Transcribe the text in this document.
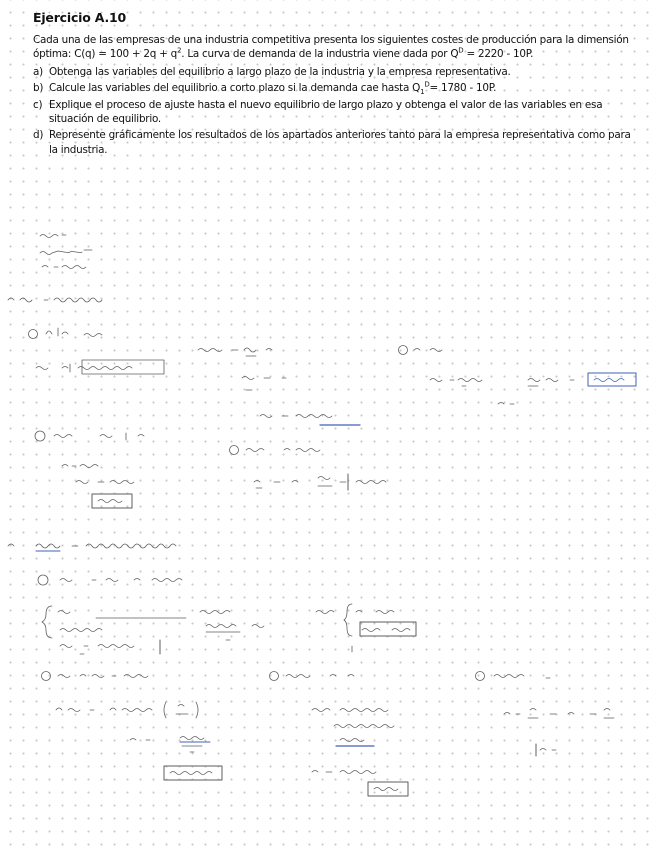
Ejercicio A.10

Cada una de las empresas de una industria competitiva presenta los siguientes costes de producción para la dimensión óptima: $C(q) = 100 + 2q + q^2$. La curva de demanda de la industria viene dada por $Q^D = 2220 - 10P$.

a) Obtenga las variables del equilibrio a largo plazo de la industria y la empresa representativa.
b) Calcule las variables del equilibrio a corto plazo si la demanda cae hasta $Q_1^D= 1780 - 10P$.
c) Explique el proceso de ajuste hasta el nuevo equilibrio de largo plazo y obtenga el valor de las variables en esa situación de equilibrio.
d) Represente gráficamente los resultados de los apartados anteriores tanto para la empresa representativa como para la industria.
